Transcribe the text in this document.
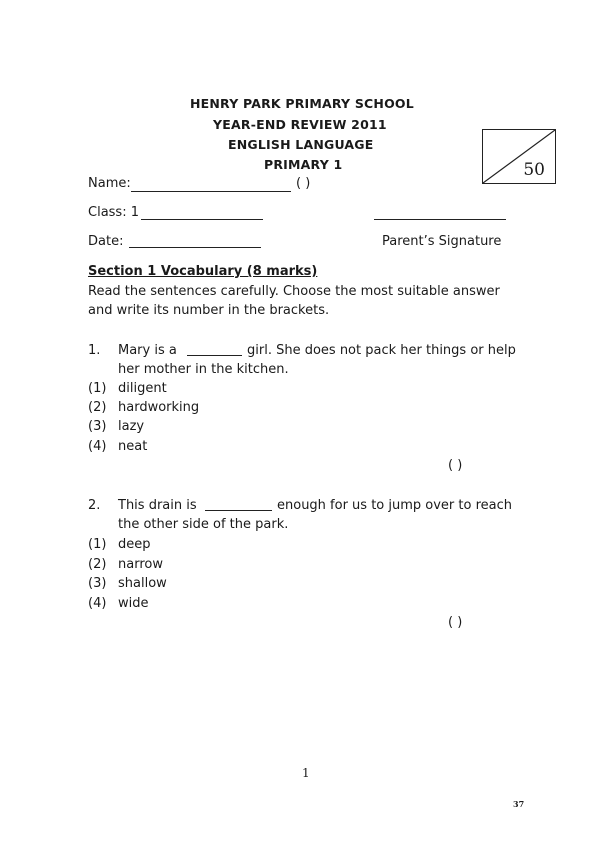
HENRY PARK PRIMARY SCHOOL
YEAR-END REVIEW 2011
ENGLISH LANGUAGE
PRIMARY 1	50
Name:	( )
Class: 1
Date:	Parent’s Signature
Section 1 Vocabulary (8 marks)
Read the sentences carefully. Choose the most suitable answer
and write its number in the brackets.
1. Mary is a	girl. She does not pack her things or help
her mother in the kitchen.
(1) diligent
(2) hardworking
(3) lazy
(4) neat
( )
2. This drain is	enough for us to jump over to reach
the other side of the park.
(1) deep
(2) narrow
(3) shallow
(4) wide
( )
1
37
